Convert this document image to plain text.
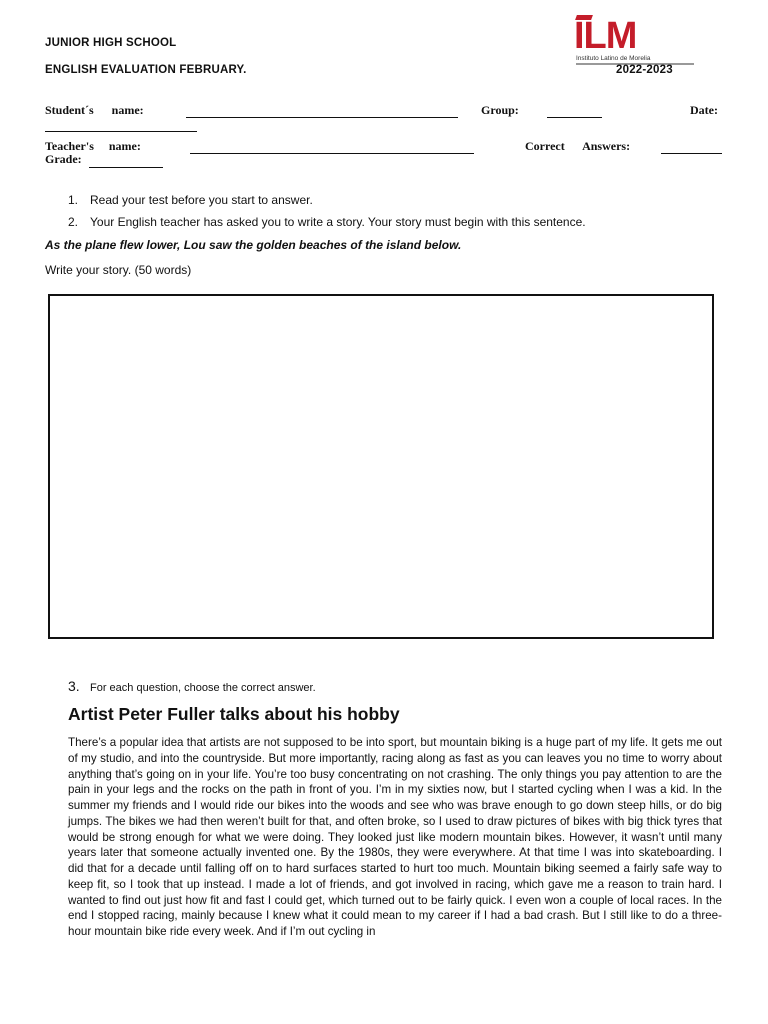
JUNIOR HIGH SCHOOL
ENGLISH EVALUATION FEBRUARY.
ILM
Instituto Latino de Morelia
2022-2023
Student´s      name:	Group:	Date:
Teacher's     name:	Correct      Answers:
Grade:
1. Read your test before you start to answer.
2. Your English teacher has asked you to write a story. Your story must begin with this sentence.
As the plane flew lower, Lou saw the golden beaches of the island below.
Write your story. (50 words)
3. For each question, choose the correct answer.
Artist Peter Fuller talks about his hobby
There’s a popular idea that artists are not supposed to be into sport, but mountain biking is a huge part of my life. It gets me out of my studio, and into the countryside. But more importantly, racing along as fast as you can leaves you no time to worry about anything that’s going on in your life. You’re too busy concentrating on not crashing. The only things you pay attention to are the pain in your legs and the rocks on the path in front of you. I’m in my sixties now, but I started cycling when I was a kid. In the summer my friends and I would ride our bikes into the woods and see who was brave enough to go down steep hills, or do big jumps. The bikes we had then weren’t built for that, and often broke, so I used to draw pictures of bikes with big thick tyres that would be strong enough for what we were doing. They looked just like modern mountain bikes. However, it wasn’t until many years later that someone actually invented one. By the 1980s, they were everywhere. At that time I was into skateboarding. I did that for a decade until falling off on to hard surfaces started to hurt too much. Mountain biking seemed a fairly safe way to keep fit, so I took that up instead. I made a lot of friends, and got involved in racing, which gave me a reason to train hard. I wanted to find out just how fit and fast I could get, which turned out to be fairly quick. I even won a couple of local races. In the end I stopped racing, mainly because I knew what it could mean to my career if I had a bad crash. But I still like to do a three-hour mountain bike ride every week. And if I’m out cycling in
